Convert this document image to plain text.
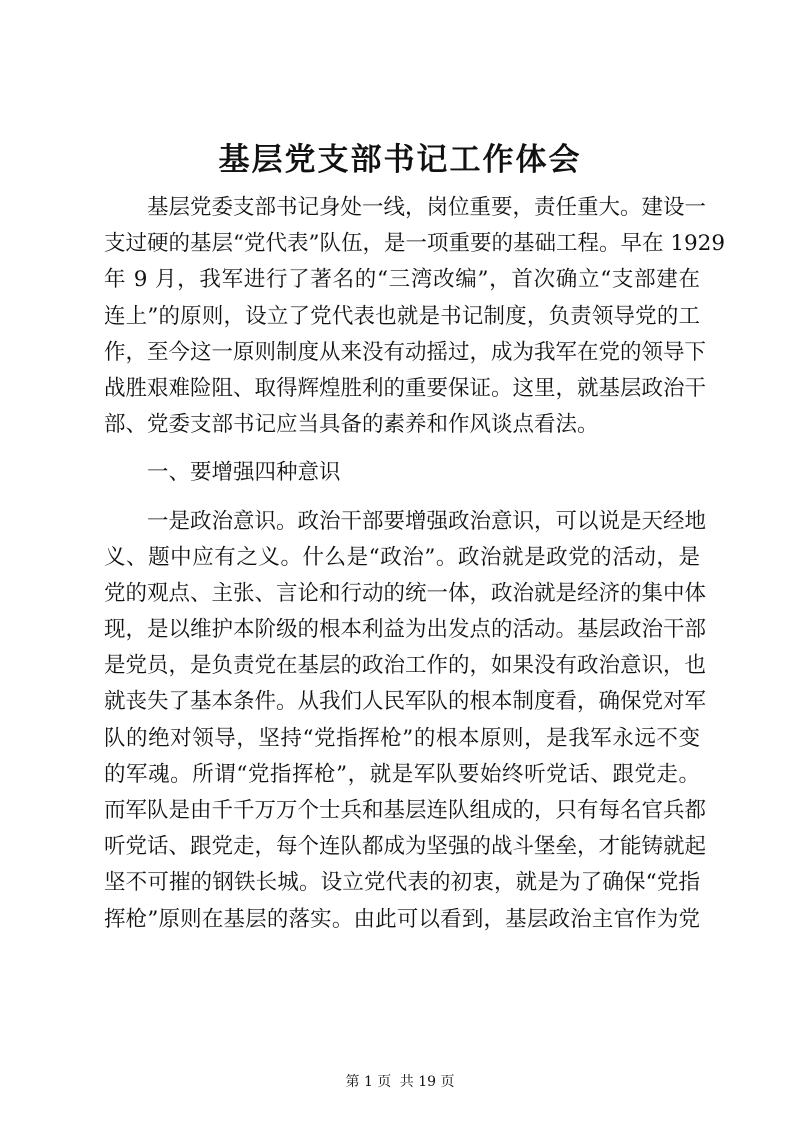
基层党支部书记工作体会
基层党委支部书记身处一线，岗位重要，责任重大。建设一
支过硬的基层“党代表”队伍，是一项重要的基础工程。早在 1929
年 9 月，我军进行了著名的“三湾改编”，首次确立“支部建在
连上”的原则，设立了党代表也就是书记制度，负责领导党的工
作，至今这一原则制度从来没有动摇过，成为我军在党的领导下
战胜艰难险阻、取得辉煌胜利的重要保证。这里，就基层政治干
部、党委支部书记应当具备的素养和作风谈点看法。
一、要增强四种意识
一是政治意识。政治干部要增强政治意识，可以说是天经地
义、题中应有之义。什么是“政治”。政治就是政党的活动，是
党的观点、主张、言论和行动的统一体，政治就是经济的集中体
现，是以维护本阶级的根本利益为出发点的活动。基层政治干部
是党员，是负责党在基层的政治工作的，如果没有政治意识，也
就丧失了基本条件。从我们人民军队的根本制度看，确保党对军
队的绝对领导，坚持“党指挥枪”的根本原则，是我军永远不变
的军魂。所谓“党指挥枪”，就是军队要始终听党话、跟党走。
而军队是由千千万万个士兵和基层连队组成的，只有每名官兵都
听党话、跟党走，每个连队都成为坚强的战斗堡垒，才能铸就起
坚不可摧的钢铁长城。设立党代表的初衷，就是为了确保“党指
挥枪”原则在基层的落实。由此可以看到，基层政治主官作为党
第 1 页 共 19 页
